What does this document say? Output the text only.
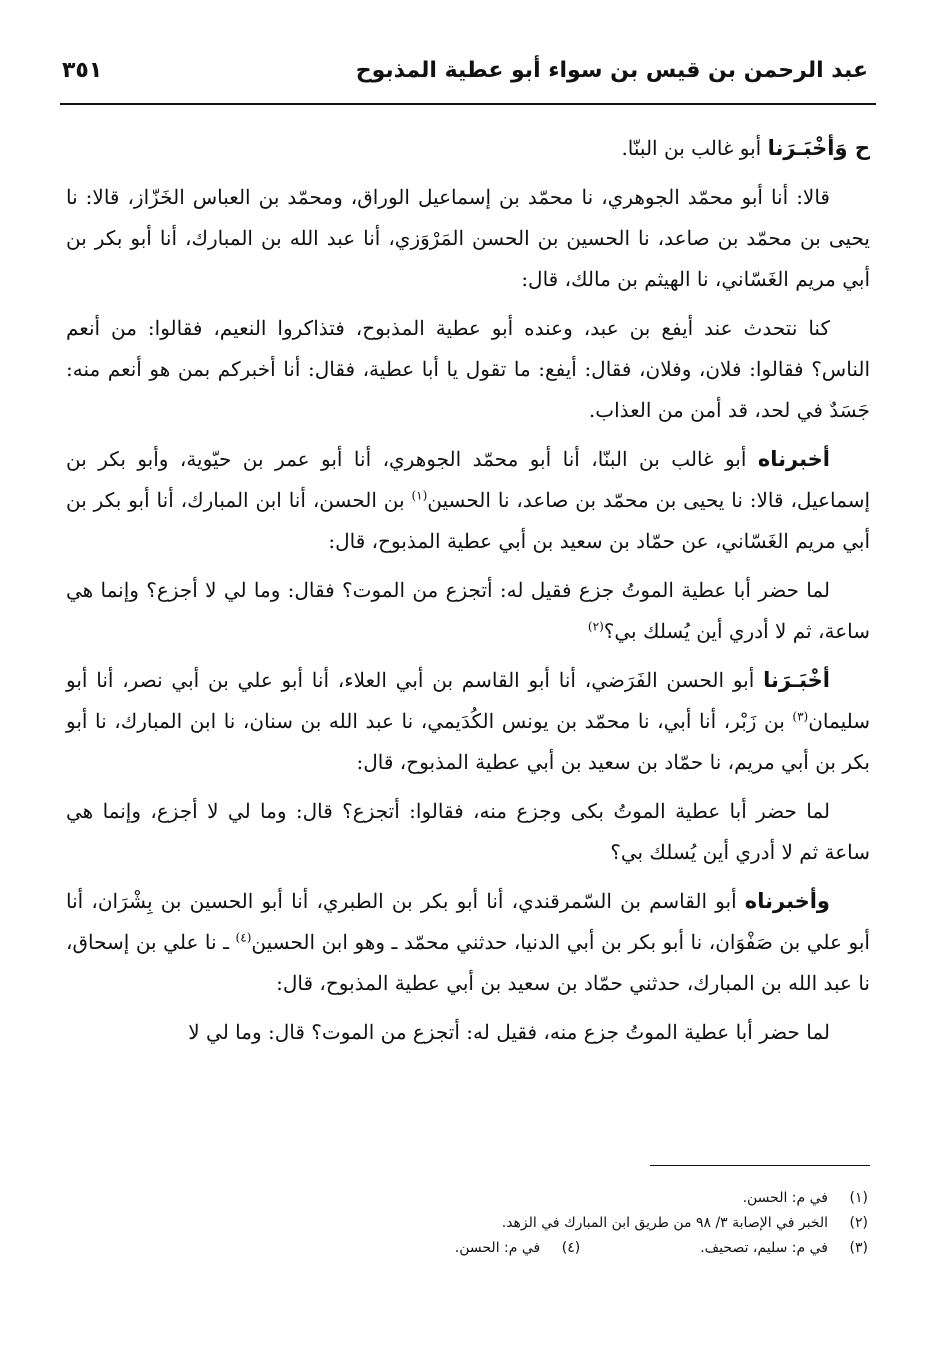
عبد الرحمن بن قيس بن سواء أبو عطية المذبوح
٣٥١

ح وَأخْبَـرَنا أبو غالب بن البنّا.

قالا: أنا أبو محمّد الجوهري، نا محمّد بن إسماعيل الوراق، ومحمّد بن العباس الخَزّاز، قالا: نا يحيى بن محمّد بن صاعد، نا الحسين بن الحسن المَرْوَزي، أنا عبد الله بن المبارك، أنا أبو بكر بن أبي مريم الغَسّاني، نا الهيثم بن مالك، قال:

كنا نتحدث عند أيفع بن عبد، وعنده أبو عطية المذبوح، فتذاكروا النعيم، فقالوا: من أنعم الناس؟ فقالوا: فلان، وفلان، فقال: أيفع: ما تقول يا أبا عطية، فقال: أنا أخبركم بمن هو أنعم منه: جَسَدٌ في لحد، قد أمن من العذاب.

أخبرناه أبو غالب بن البنّا، أنا أبو محمّد الجوهري، أنا أبو عمر بن حيّوية، وأبو بكر بن إسماعيل، قالا: نا يحيى بن محمّد بن صاعد، نا الحسين$^{(١)}$ بن الحسن، أنا ابن المبارك، أنا أبو بكر بن أبي مريم الغَسّاني، عن حمّاد بن سعيد بن أبي عطية المذبوح، قال:

لما حضر أبا عطية الموتُ جزع فقيل له: أتجزع من الموت؟ فقال: وما لي لا أجزع؟ وإنما هي ساعة، ثم لا أدري أين يُسلك بي؟$^{(٢)}$

أخْبَـرَنا أبو الحسن الفَرَضي، أنا أبو القاسم بن أبي العلاء، أنا أبو علي بن أبي نصر، أنا أبو سليمان$^{(٣)}$ بن زَبْر، أنا أبي، نا محمّد بن يونس الكُدَيمي، نا عبد الله بن سنان، نا ابن المبارك، نا أبو بكر بن أبي مريم، نا حمّاد بن سعيد بن أبي عطية المذبوح، قال:

لما حضر أبا عطية الموتُ بكى وجزع منه، فقالوا: أتجزع؟ قال: وما لي لا أجزع، وإنما هي ساعة ثم لا أدري أين يُسلك بي؟

وأخبرناه أبو القاسم بن السّمرقندي، أنا أبو بكر بن الطبري، أنا أبو الحسين بن بِشْرَان، أنا أبو علي بن صَفْوَان، نا أبو بكر بن أبي الدنيا، حدثني محمّد ـ وهو ابن الحسين$^{(٤)}$ ـ نا علي بن إسحاق، نا عبد الله بن المبارك، حدثني حمّاد بن سعيد بن أبي عطية المذبوح، قال:

لما حضر أبا عطية الموتُ جزع منه، فقيل له: أتجزع من الموت؟ قال: وما لي لا

(١)في م: الحسن.
(٢)الخبر في الإصابة ٣/ ٩٨ من طريق ابن المبارك في الزهد.
(٣)في م: سليم، تصحيف.(٤)في م: الحسن.
